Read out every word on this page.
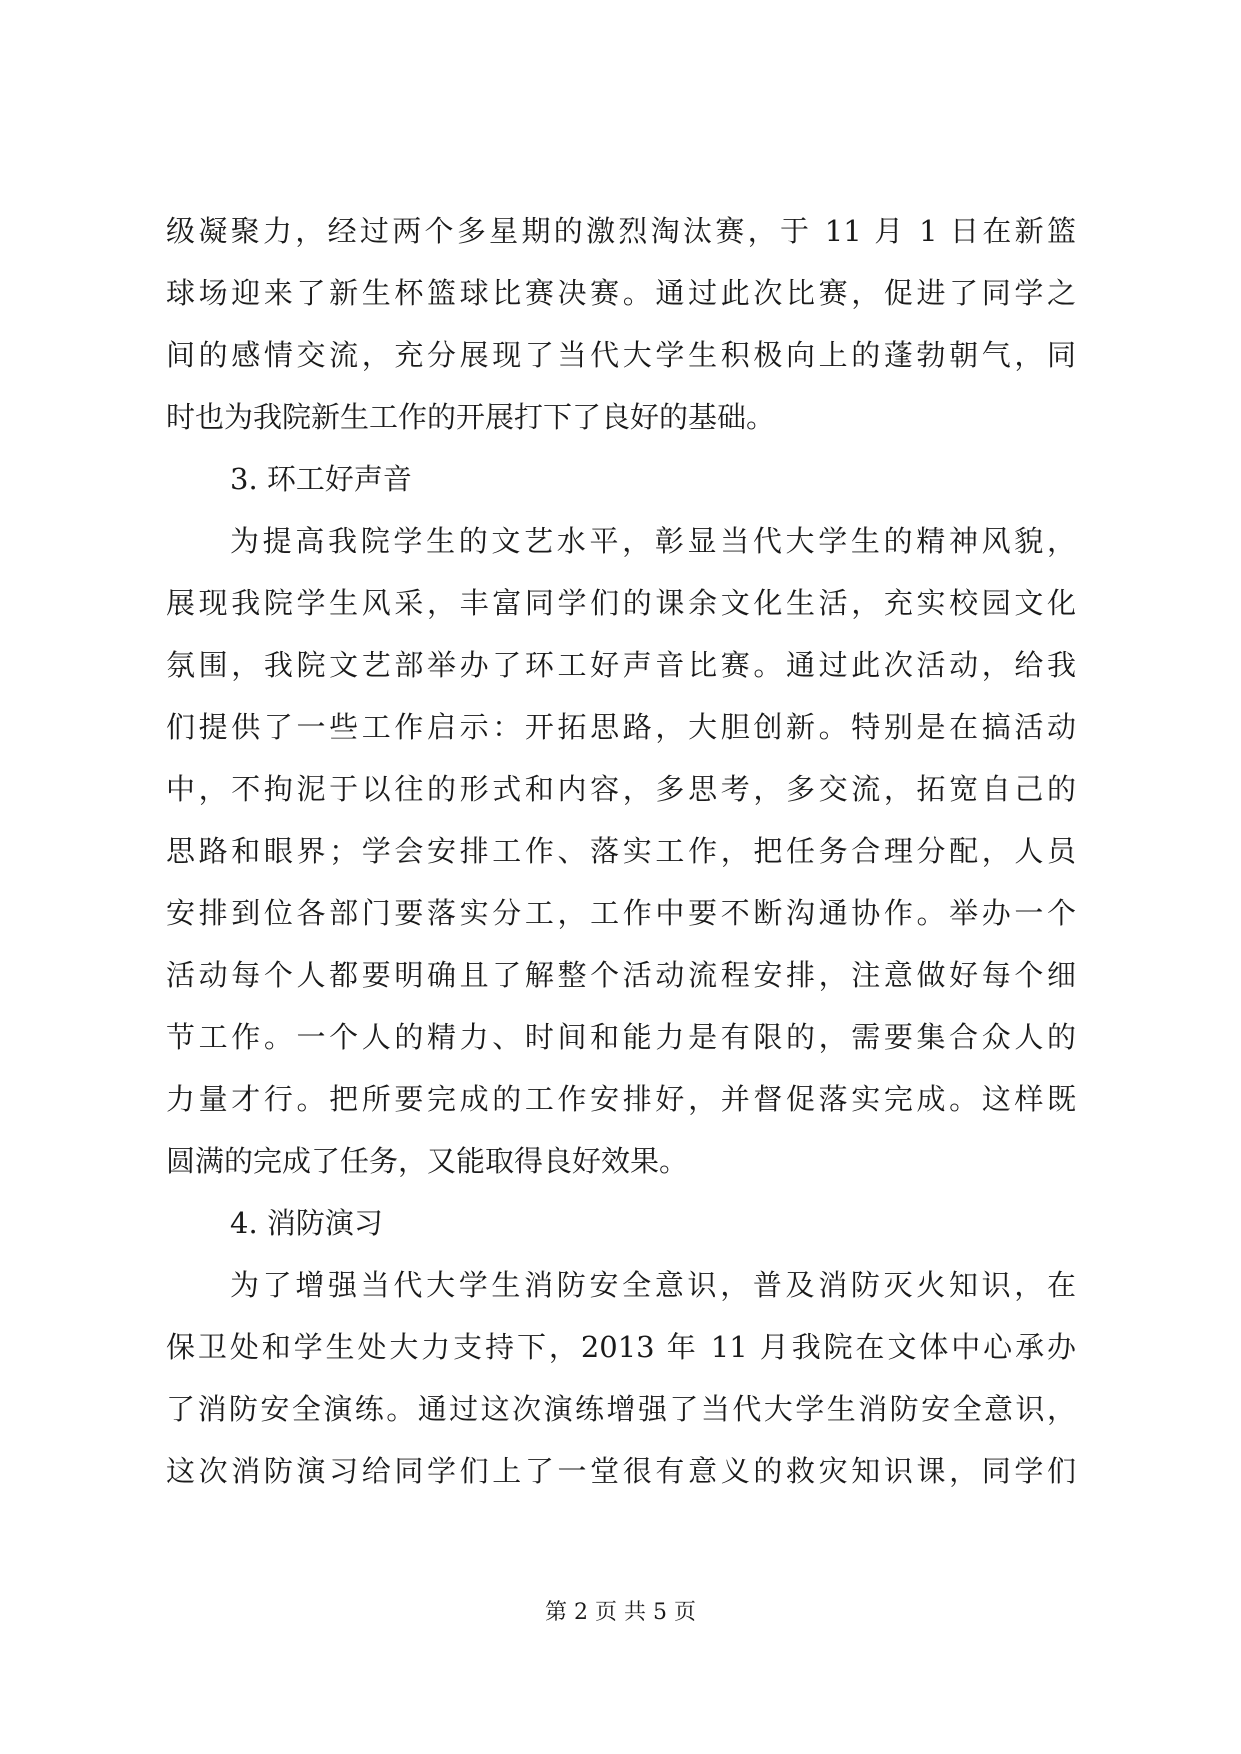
级凝聚力，经过两个多星期的激烈淘汰赛，于 11 月 1 日在新篮
球场迎来了新生杯篮球比赛决赛。通过此次比赛，促进了同学之
间的感情交流，充分展现了当代大学生积极向上的蓬勃朝气，同
时也为我院新生工作的开展打下了良好的基础。
3. 环工好声音
为提高我院学生的文艺水平，彰显当代大学生的精神风貌，
展现我院学生风采，丰富同学们的课余文化生活，充实校园文化
氛围，我院文艺部举办了环工好声音比赛。通过此次活动，给我
们提供了一些工作启示：开拓思路，大胆创新。特别是在搞活动
中，不拘泥于以往的形式和内容，多思考，多交流，拓宽自己的
思路和眼界；学会安排工作、落实工作，把任务合理分配，人员
安排到位各部门要落实分工，工作中要不断沟通协作。举办一个
活动每个人都要明确且了解整个活动流程安排，注意做好每个细
节工作。一个人的精力、时间和能力是有限的，需要集合众人的
力量才行。把所要完成的工作安排好，并督促落实完成。这样既
圆满的完成了任务，又能取得良好效果。
4. 消防演习
为了增强当代大学生消防安全意识，普及消防灭火知识，在
保卫处和学生处大力支持下，2013 年 11 月我院在文体中心承办
了消防安全演练。通过这次演练增强了当代大学生消防安全意识，
这次消防演习给同学们上了一堂很有意义的救灾知识课，同学们
第 2 页 共 5 页
